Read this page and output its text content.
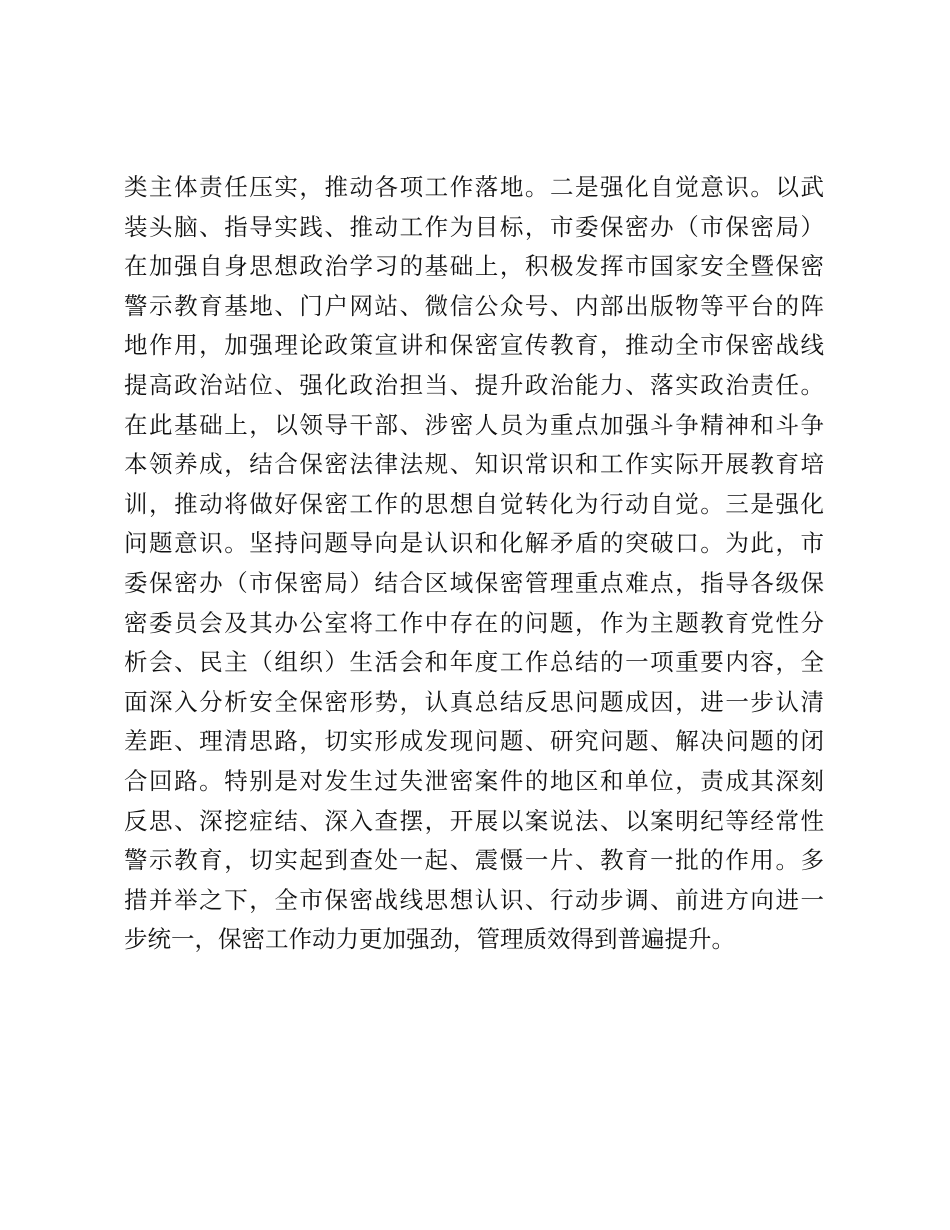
类主体责任压实，推动各项工作落地。二是强化自觉意识。以武
装头脑、指导实践、推动工作为目标，市委保密办（市保密局）
在加强自身思想政治学习的基础上，积极发挥市国家安全暨保密
警示教育基地、门户网站、微信公众号、内部出版物等平台的阵
地作用，加强理论政策宣讲和保密宣传教育，推动全市保密战线
提高政治站位、强化政治担当、提升政治能力、落实政治责任。
在此基础上，以领导干部、涉密人员为重点加强斗争精神和斗争
本领养成，结合保密法律法规、知识常识和工作实际开展教育培
训，推动将做好保密工作的思想自觉转化为行动自觉。三是强化
问题意识。坚持问题导向是认识和化解矛盾的突破口。为此，市
委保密办（市保密局）结合区域保密管理重点难点，指导各级保
密委员会及其办公室将工作中存在的问题，作为主题教育党性分
析会、民主（组织）生活会和年度工作总结的一项重要内容，全
面深入分析安全保密形势，认真总结反思问题成因，进一步认清
差距、理清思路，切实形成发现问题、研究问题、解决问题的闭
合回路。特别是对发生过失泄密案件的地区和单位，责成其深刻
反思、深挖症结、深入查摆，开展以案说法、以案明纪等经常性
警示教育，切实起到查处一起、震慑一片、教育一批的作用。多
措并举之下，全市保密战线思想认识、行动步调、前进方向进一
步统一，保密工作动力更加强劲，管理质效得到普遍提升。
